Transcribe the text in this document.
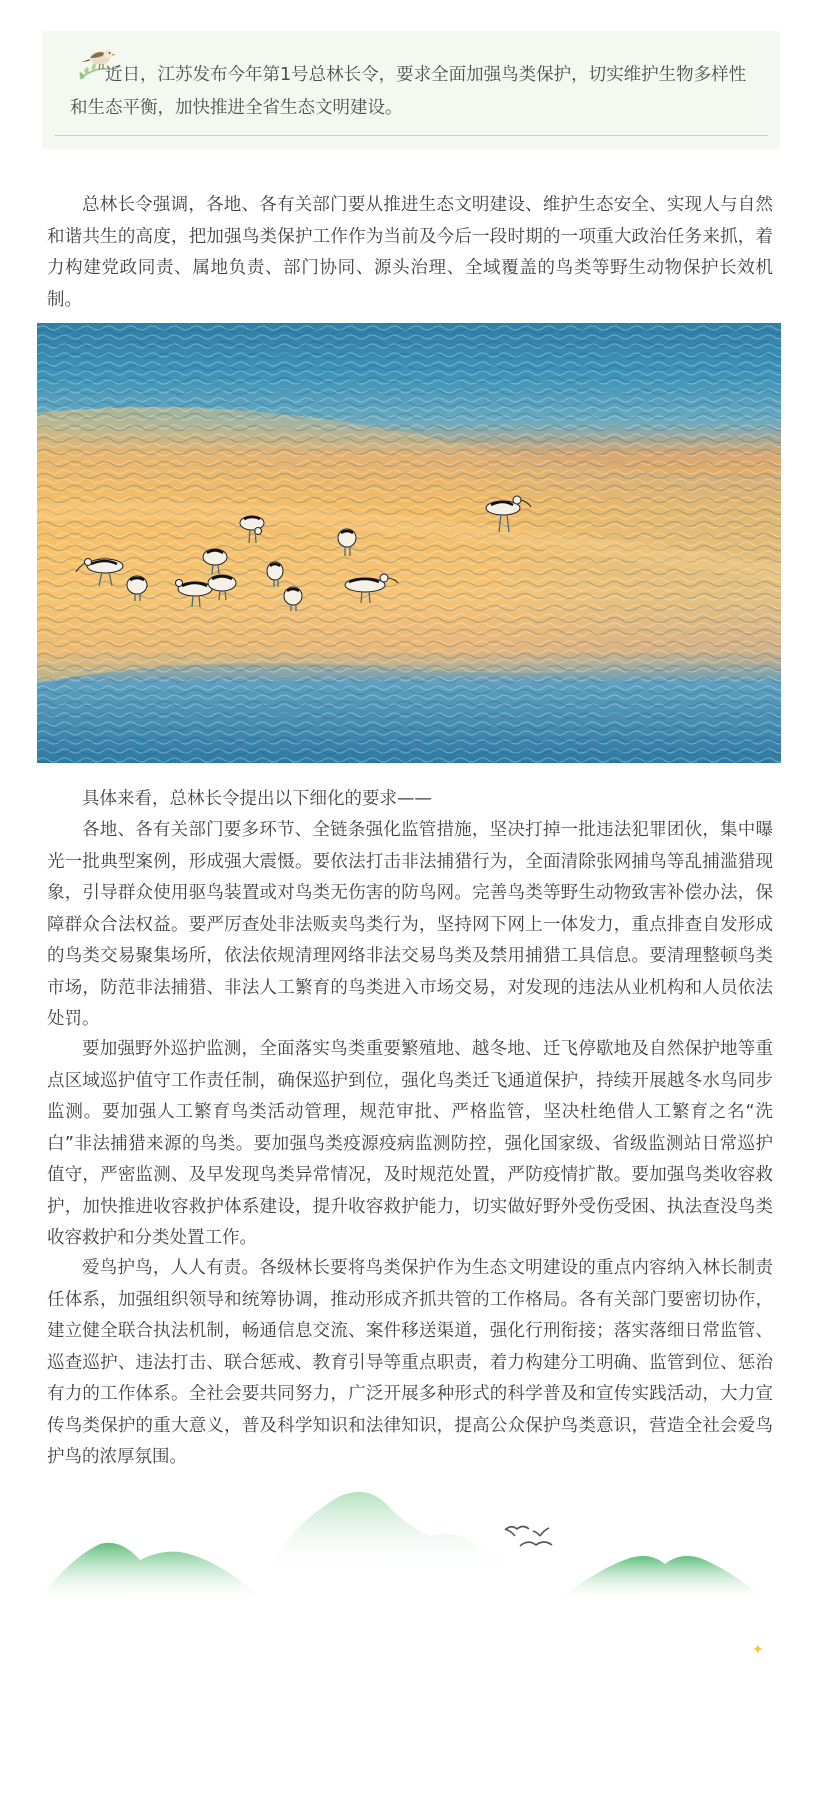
近日，江苏发布今年第1号总林长令，要求全面加强鸟类保护，切实维护生物多样性和生态平衡，加快推进全省生态文明建设。

总林长令强调，各地、各有关部门要从推进生态文明建设、维护生态安全、实现人与自然和谐共生的高度，把加强鸟类保护工作作为当前及今后一段时期的一项重大政治任务来抓，着力构建党政同责、属地负责、部门协同、源头治理、全域覆盖的鸟类等野生动物保护长效机制。

具体来看，总林长令提出以下细化的要求——

各地、各有关部门要多环节、全链条强化监管措施，坚决打掉一批违法犯罪团伙，集中曝光一批典型案例，形成强大震慑。要依法打击非法捕猎行为，全面清除张网捕鸟等乱捕滥猎现象，引导群众使用驱鸟装置或对鸟类无伤害的防鸟网。完善鸟类等野生动物致害补偿办法，保障群众合法权益。要严厉查处非法贩卖鸟类行为，坚持网下网上一体发力，重点排查自发形成的鸟类交易聚集场所，依法依规清理网络非法交易鸟类及禁用捕猎工具信息。要清理整顿鸟类市场，防范非法捕猎、非法人工繁育的鸟类进入市场交易，对发现的违法从业机构和人员依法处罚。

要加强野外巡护监测，全面落实鸟类重要繁殖地、越冬地、迁飞停歇地及自然保护地等重点区域巡护值守工作责任制，确保巡护到位，强化鸟类迁飞通道保护，持续开展越冬水鸟同步监测。要加强人工繁育鸟类活动管理，规范审批、严格监管，坚决杜绝借人工繁育之名“洗白”非法捕猎来源的鸟类。要加强鸟类疫源疫病监测防控，强化国家级、省级监测站日常巡护值守，严密监测、及早发现鸟类异常情况，及时规范处置，严防疫情扩散。要加强鸟类收容救护，加快推进收容救护体系建设，提升收容救护能力，切实做好野外受伤受困、执法查没鸟类收容救护和分类处置工作。

爱鸟护鸟，人人有责。各级林长要将鸟类保护作为生态文明建设的重点内容纳入林长制责任体系，加强组织领导和统筹协调，推动形成齐抓共管的工作格局。各有关部门要密切协作，建立健全联合执法机制，畅通信息交流、案件移送渠道，强化行刑衔接；落实落细日常监管、巡查巡护、违法打击、联合惩戒、教育引导等重点职责，着力构建分工明确、监管到位、惩治有力的工作体系。全社会要共同努力，广泛开展多种形式的科学普及和宣传实践活动，大力宣传鸟类保护的重大意义，普及科学知识和法律知识，提高公众保护鸟类意识，营造全社会爱鸟护鸟的浓厚氛围。

✦
